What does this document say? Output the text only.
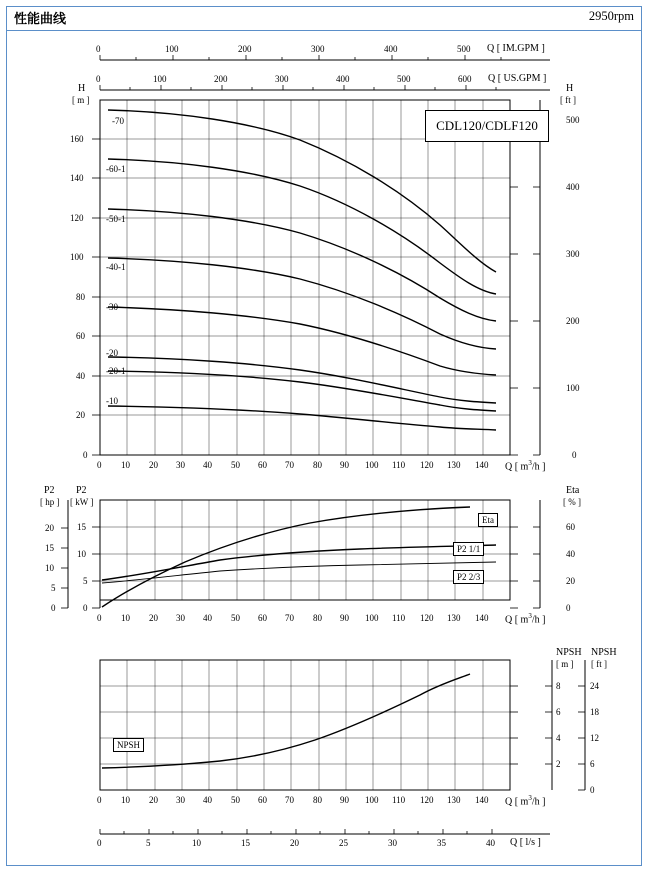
性能曲线	2950rpm
0	100	200	300	400	500 Q [ IM.GPM ]
0	100	200	300	400	500	600 Q [ US.GPM ]
H
[ m ]
H
[ ft ]
0
20
40
60
80
100
120
140
160
0
100
200
300
400
500
0 10 20 30 40 50 60 70 80 90 100 110 120 130 140 Q [ $m^3/h$ ]
CDL120/CDLF120
-70
-60-1
-50-1
-40-1
-30
-20
-20-1
-10
P2
[ hp ]
P2
[ kW ]
Eta
[ % ]
0
5
10
15
20
0
5
10
15
0
20
40
60
0 10 20 30 40 50 60 70 80 90 100 110 120 130 140 Q [ $m^3/h$ ]
Eta
P2 1/1
P2 2/3
NPSH
[ m ]
NPSH
[ ft ]
2
4
6
8
0
6
12
18
24
NPSH
0 10 20 30 40 50 60 70 80 90 100 110 120 130 140 Q [ $m^3/h$ ]
0	5	10	15	20	25	30	35	40 Q [ l/s ]
